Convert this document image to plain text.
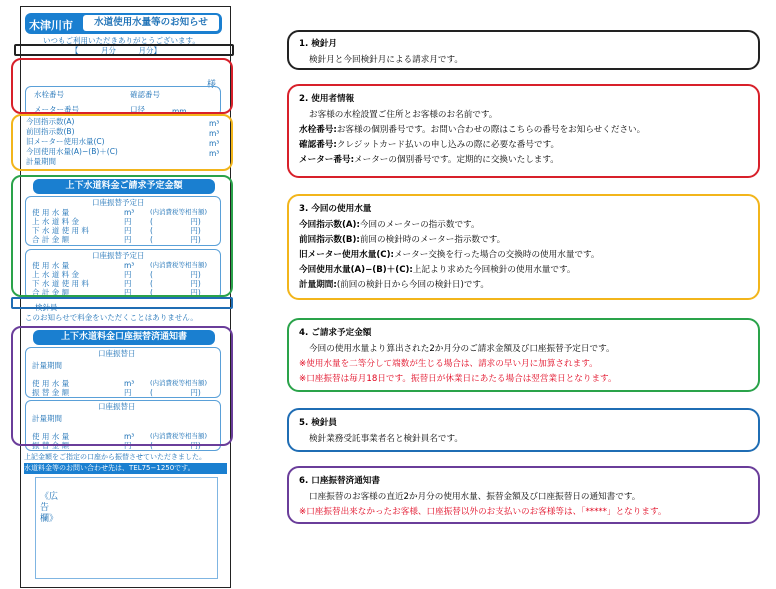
木津川市	水道使用水量等のお知らせ
いつもご利用いただきありがとうございます。
【　　　月分　　　月分】
様
水栓番号	確認番号
メーター番号	口径	mm
今回指示数(A)	m³
前回指示数(B)	m³
旧メーター使用水量(C)	m³
今回使用水量(A)−(B)＋(C)	m³
計量期間
上下水道料金ご請求予定金額
口座振替予定日
使 用 水 量	m³ (内消費税等相当額)
上 水 道 料 金	円 (　　　　　円)
下 水 道 使 用 料	円 (　　　　　円)
合 計 金 額	円 (　　　　　円)
口座振替予定日
使 用 水 量	m³ (内消費税等相当額)
上 水 道 料 金	円 (　　　　　円)
下 水 道 使 用 料	円 (　　　　　円)
合 計 金 額	円 (　　　　　円)
検針員
このお知らせで料金をいただくことはありません。
上下水道料金口座振替済通知書
口座振替日
計量期間
使 用 水 量	m³ (内消費税等相当額)
振 替 金 額	円 (　　　　　円)
口座振替日
計量期間
使 用 水 量	m³ (内消費税等相当額)
振 替 金 額	円 (　　　　　円)
上記金額をご指定の口座から振替させていただきました。
水道料金等のお問い合わせ先は、TEL75−1250です。
《広告欄》
1. 検針月
検針月と今回検針月による請求月です。
2. 使用者情報
お客様の水栓設置ご住所とお客様のお名前です。
水栓番号:お客様の個別番号です。お問い合わせの際はこちらの番号をお知らせください。
確認番号:クレジットカード払いの申し込みの際に必要な番号です。
メーター番号:メーターの個別番号です。定期的に交換いたします。
3. 今回の使用水量
今回指示数(A):今回のメーターの指示数です。
前回指示数(B):前回の検針時のメーター指示数です。
旧メーター使用水量(C):メーター交換を行った場合の交換時の使用水量です。
今回使用水量(A)−(B)＋(C):上記より求めた今回検針の使用水量です。
計量期間:(前回の検針日から今回の検針日)です。
4. ご請求予定金額
今回の使用水量より算出された2か月分のご請求金額及び口座振替予定日です。
※使用水量を二等分して端数が生じる場合は、請求の早い月に加算されます。
※口座振替は毎月18日です。振替日が休業日にあたる場合は翌営業日となります。
5. 検針員
検針業務受託事業者名と検針員名です。
6. 口座振替済通知書
口座振替のお客様の直近2か月分の使用水量、振替金額及び口座振替日の通知書です。
※口座振替出来なかったお客様、口座振替以外のお支払いのお客様等は、「*****」となります。
